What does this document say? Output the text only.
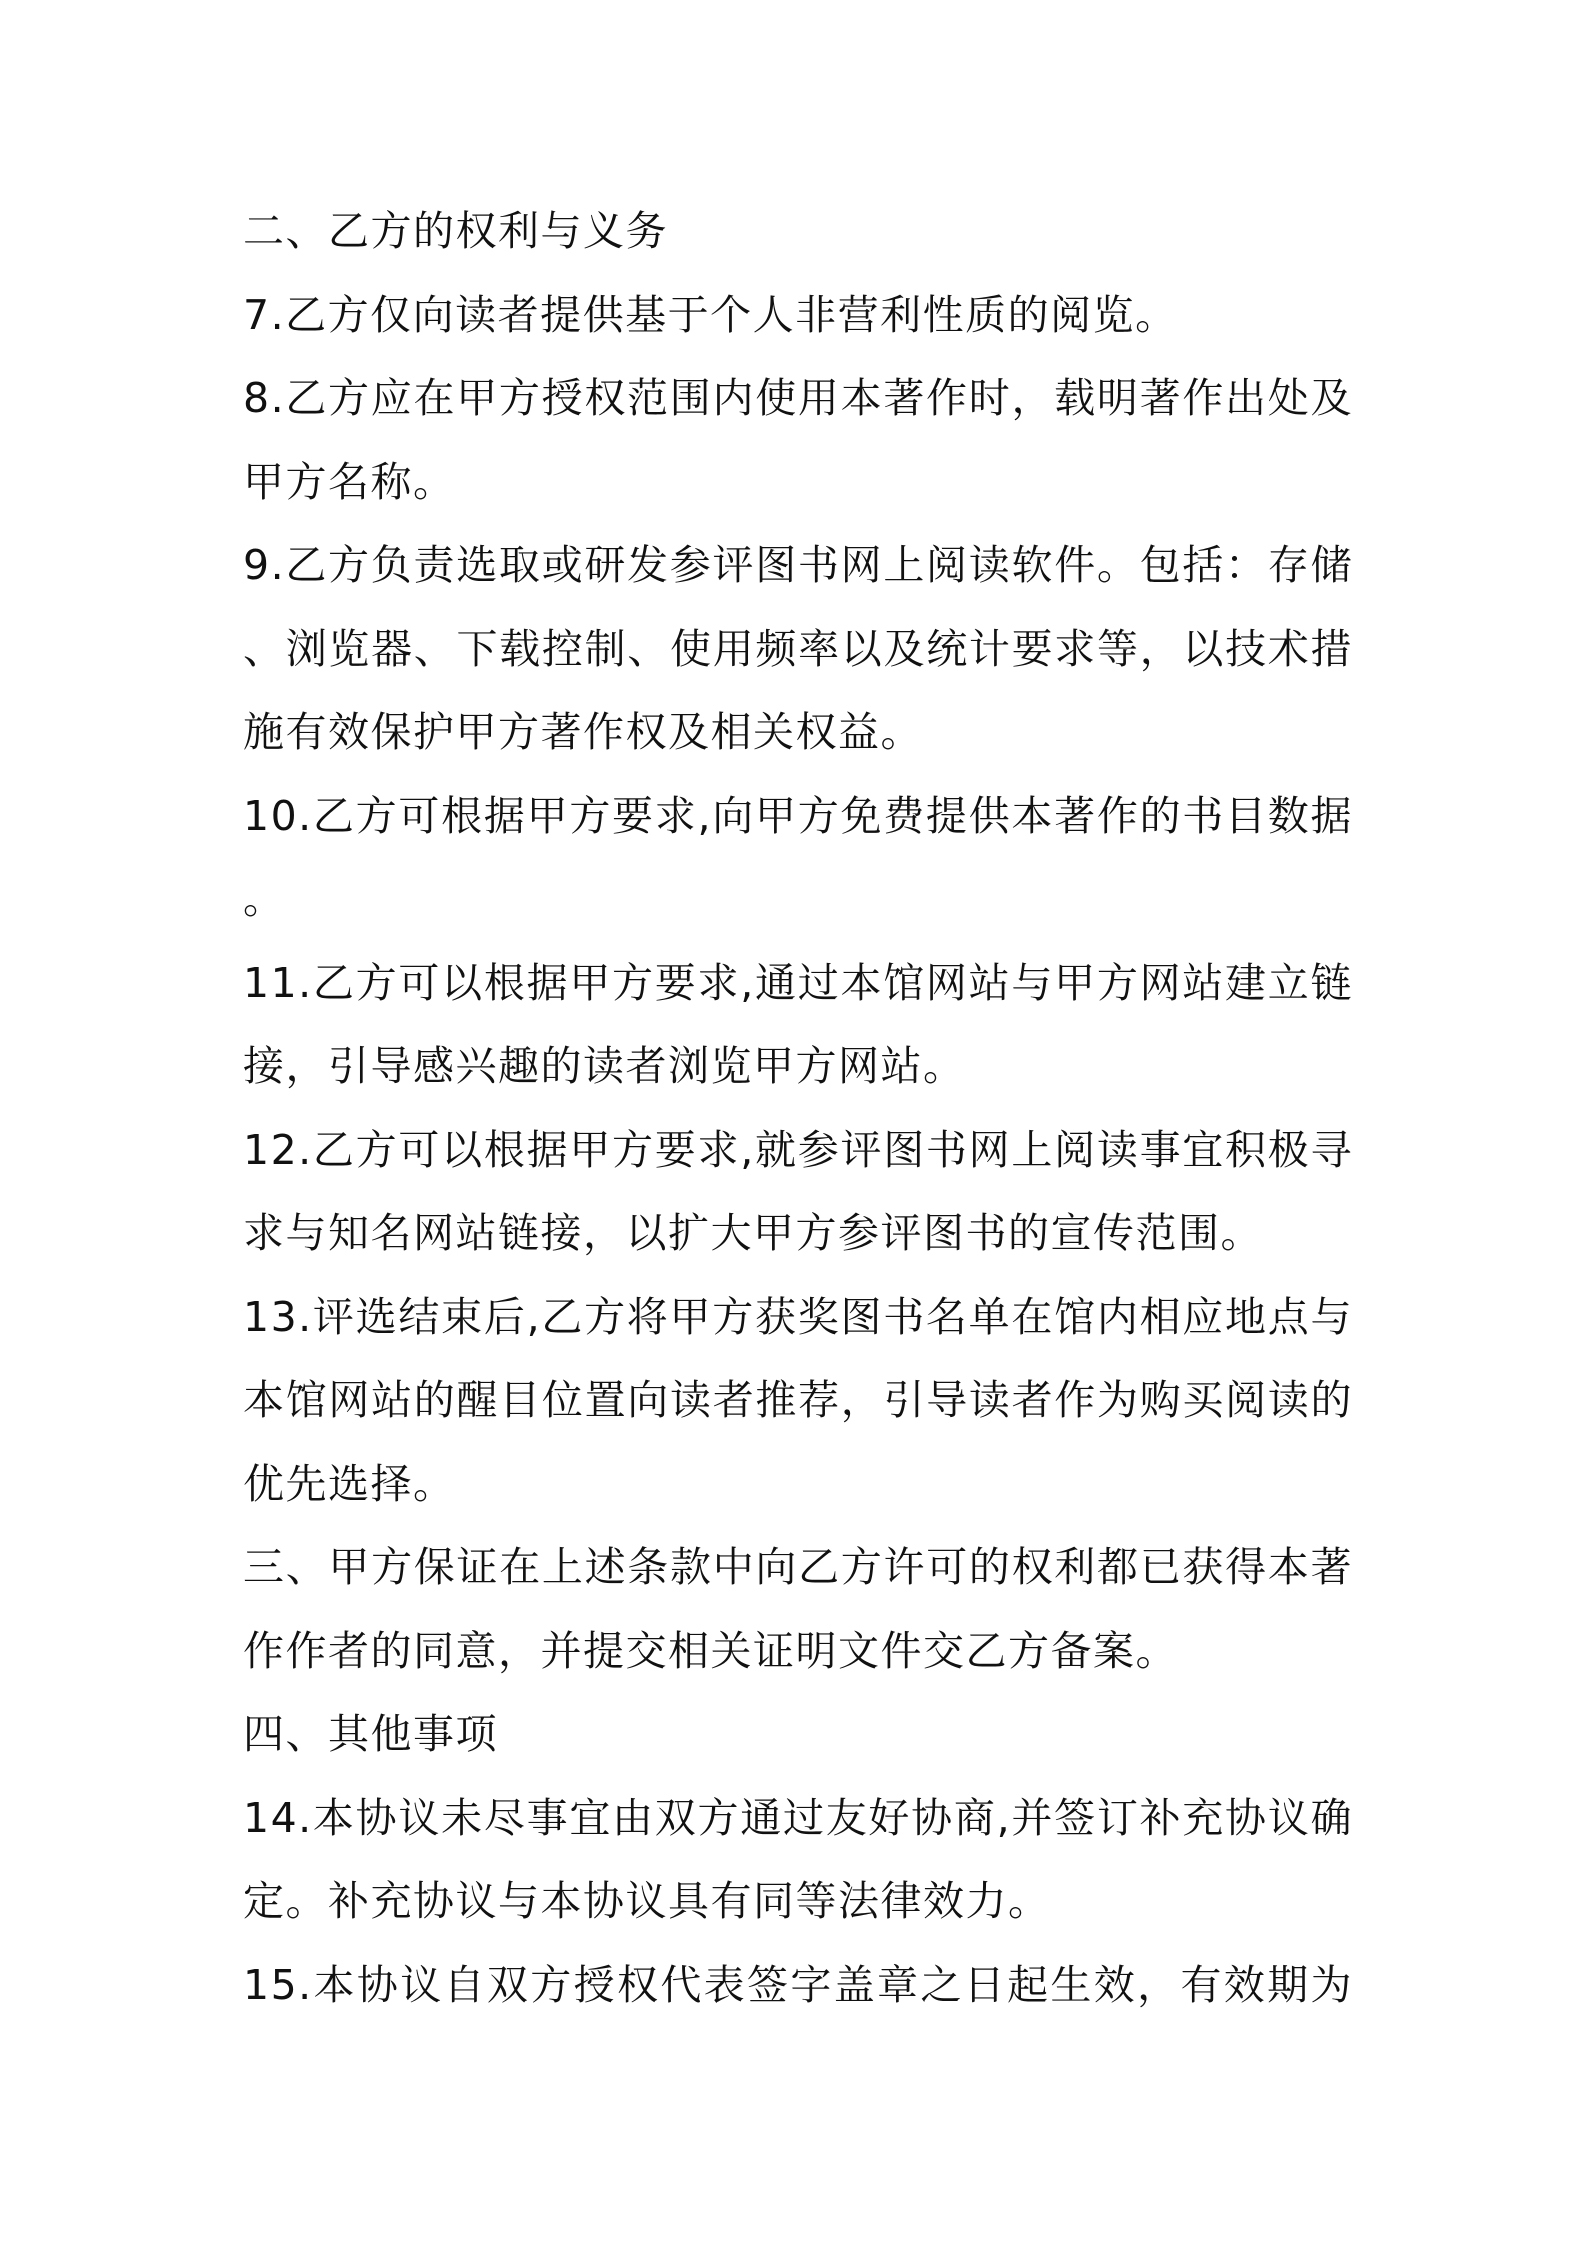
二、乙方的权利与义务
7.乙方仅向读者提供基于个人非营利性质的阅览。
8.乙方应在甲方授权范围内使用本著作时，载明著作出处及
甲方名称。
9.乙方负责选取或研发参评图书网上阅读软件。包括：存储
、浏览器、下载控制、使用频率以及统计要求等，以技术措
施有效保护甲方著作权及相关权益。
10.乙方可根据甲方要求,向甲方免费提供本著作的书目数据
。
11.乙方可以根据甲方要求,通过本馆网站与甲方网站建立链
接，引导感兴趣的读者浏览甲方网站。
12.乙方可以根据甲方要求,就参评图书网上阅读事宜积极寻
求与知名网站链接，以扩大甲方参评图书的宣传范围。
13.评选结束后,乙方将甲方获奖图书名单在馆内相应地点与
本馆网站的醒目位置向读者推荐，引导读者作为购买阅读的
优先选择。
三、甲方保证在上述条款中向乙方许可的权利都已获得本著
作作者的同意，并提交相关证明文件交乙方备案。
四、其他事项
14.本协议未尽事宜由双方通过友好协商,并签订补充协议确
定。补充协议与本协议具有同等法律效力。
15.本协议自双方授权代表签字盖章之日起生效，有效期为
